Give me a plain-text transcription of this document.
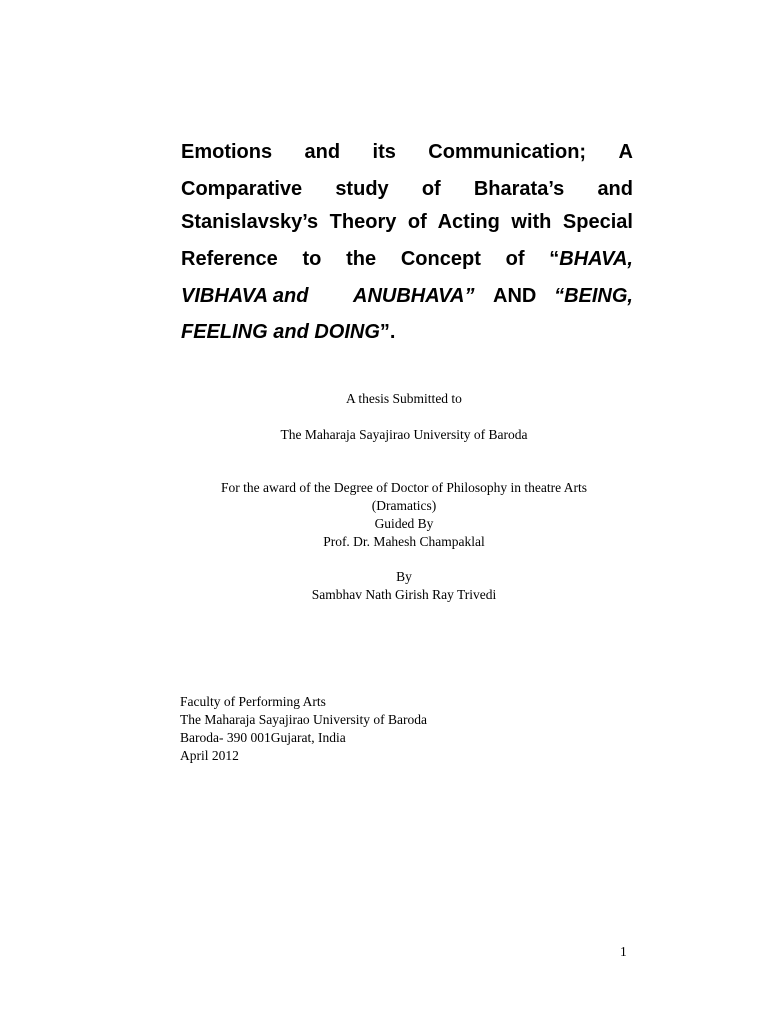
Emotions and its Communication; A
Comparative study of Bharata’s and
Stanislavsky’s Theory of Acting with Special
Reference to the Concept of “BHAVA,
VIBHAVA and ANUBHAVA” AND “BEING,
FEELING and DOING”.
A thesis Submitted to
The Maharaja Sayajirao University of Baroda
For the award of the Degree of Doctor of Philosophy in theatre Arts
(Dramatics)
Guided By
Prof. Dr. Mahesh Champaklal
By
Sambhav Nath Girish Ray Trivedi
Faculty of Performing Arts
The Maharaja Sayajirao University of Baroda
Baroda- 390 001Gujarat, India
April 2012
1
